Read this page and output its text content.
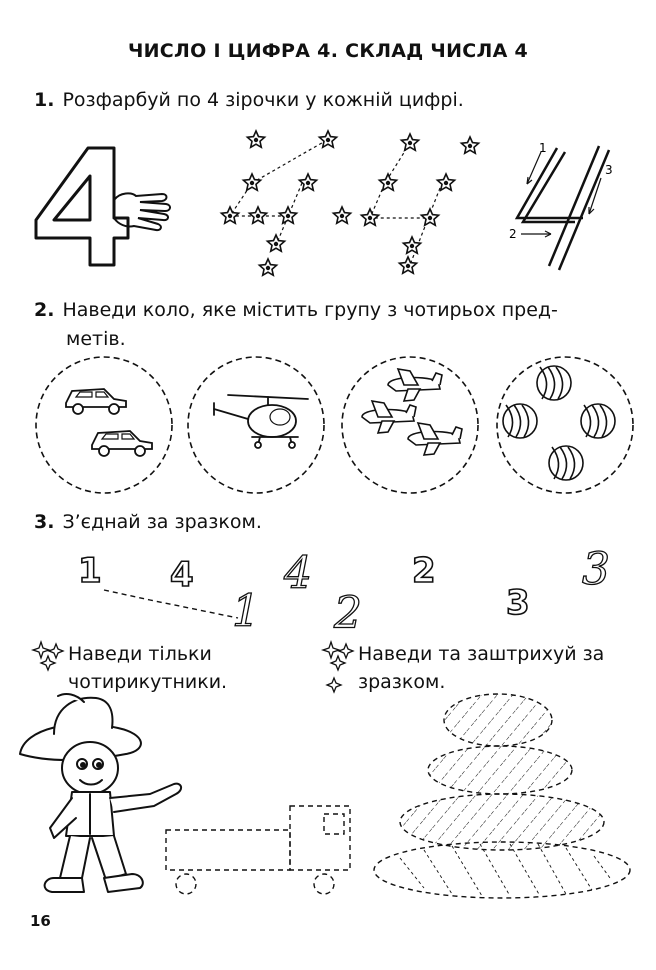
ЧИСЛО І ЦИФРА 4. СКЛАД ЧИСЛА 4
1. Розфарбуй по 4 зірочки у кожній цифрі.
1
2
3
2. Наведи коло, яке містить групу з чотирьох пред-
метів.
3. З’єднай за зразком.
1 4	2
3
4
1 2
3
Наведи тільки
чотирикутники.
Наведи та заштрихуй за
зразком.
16
